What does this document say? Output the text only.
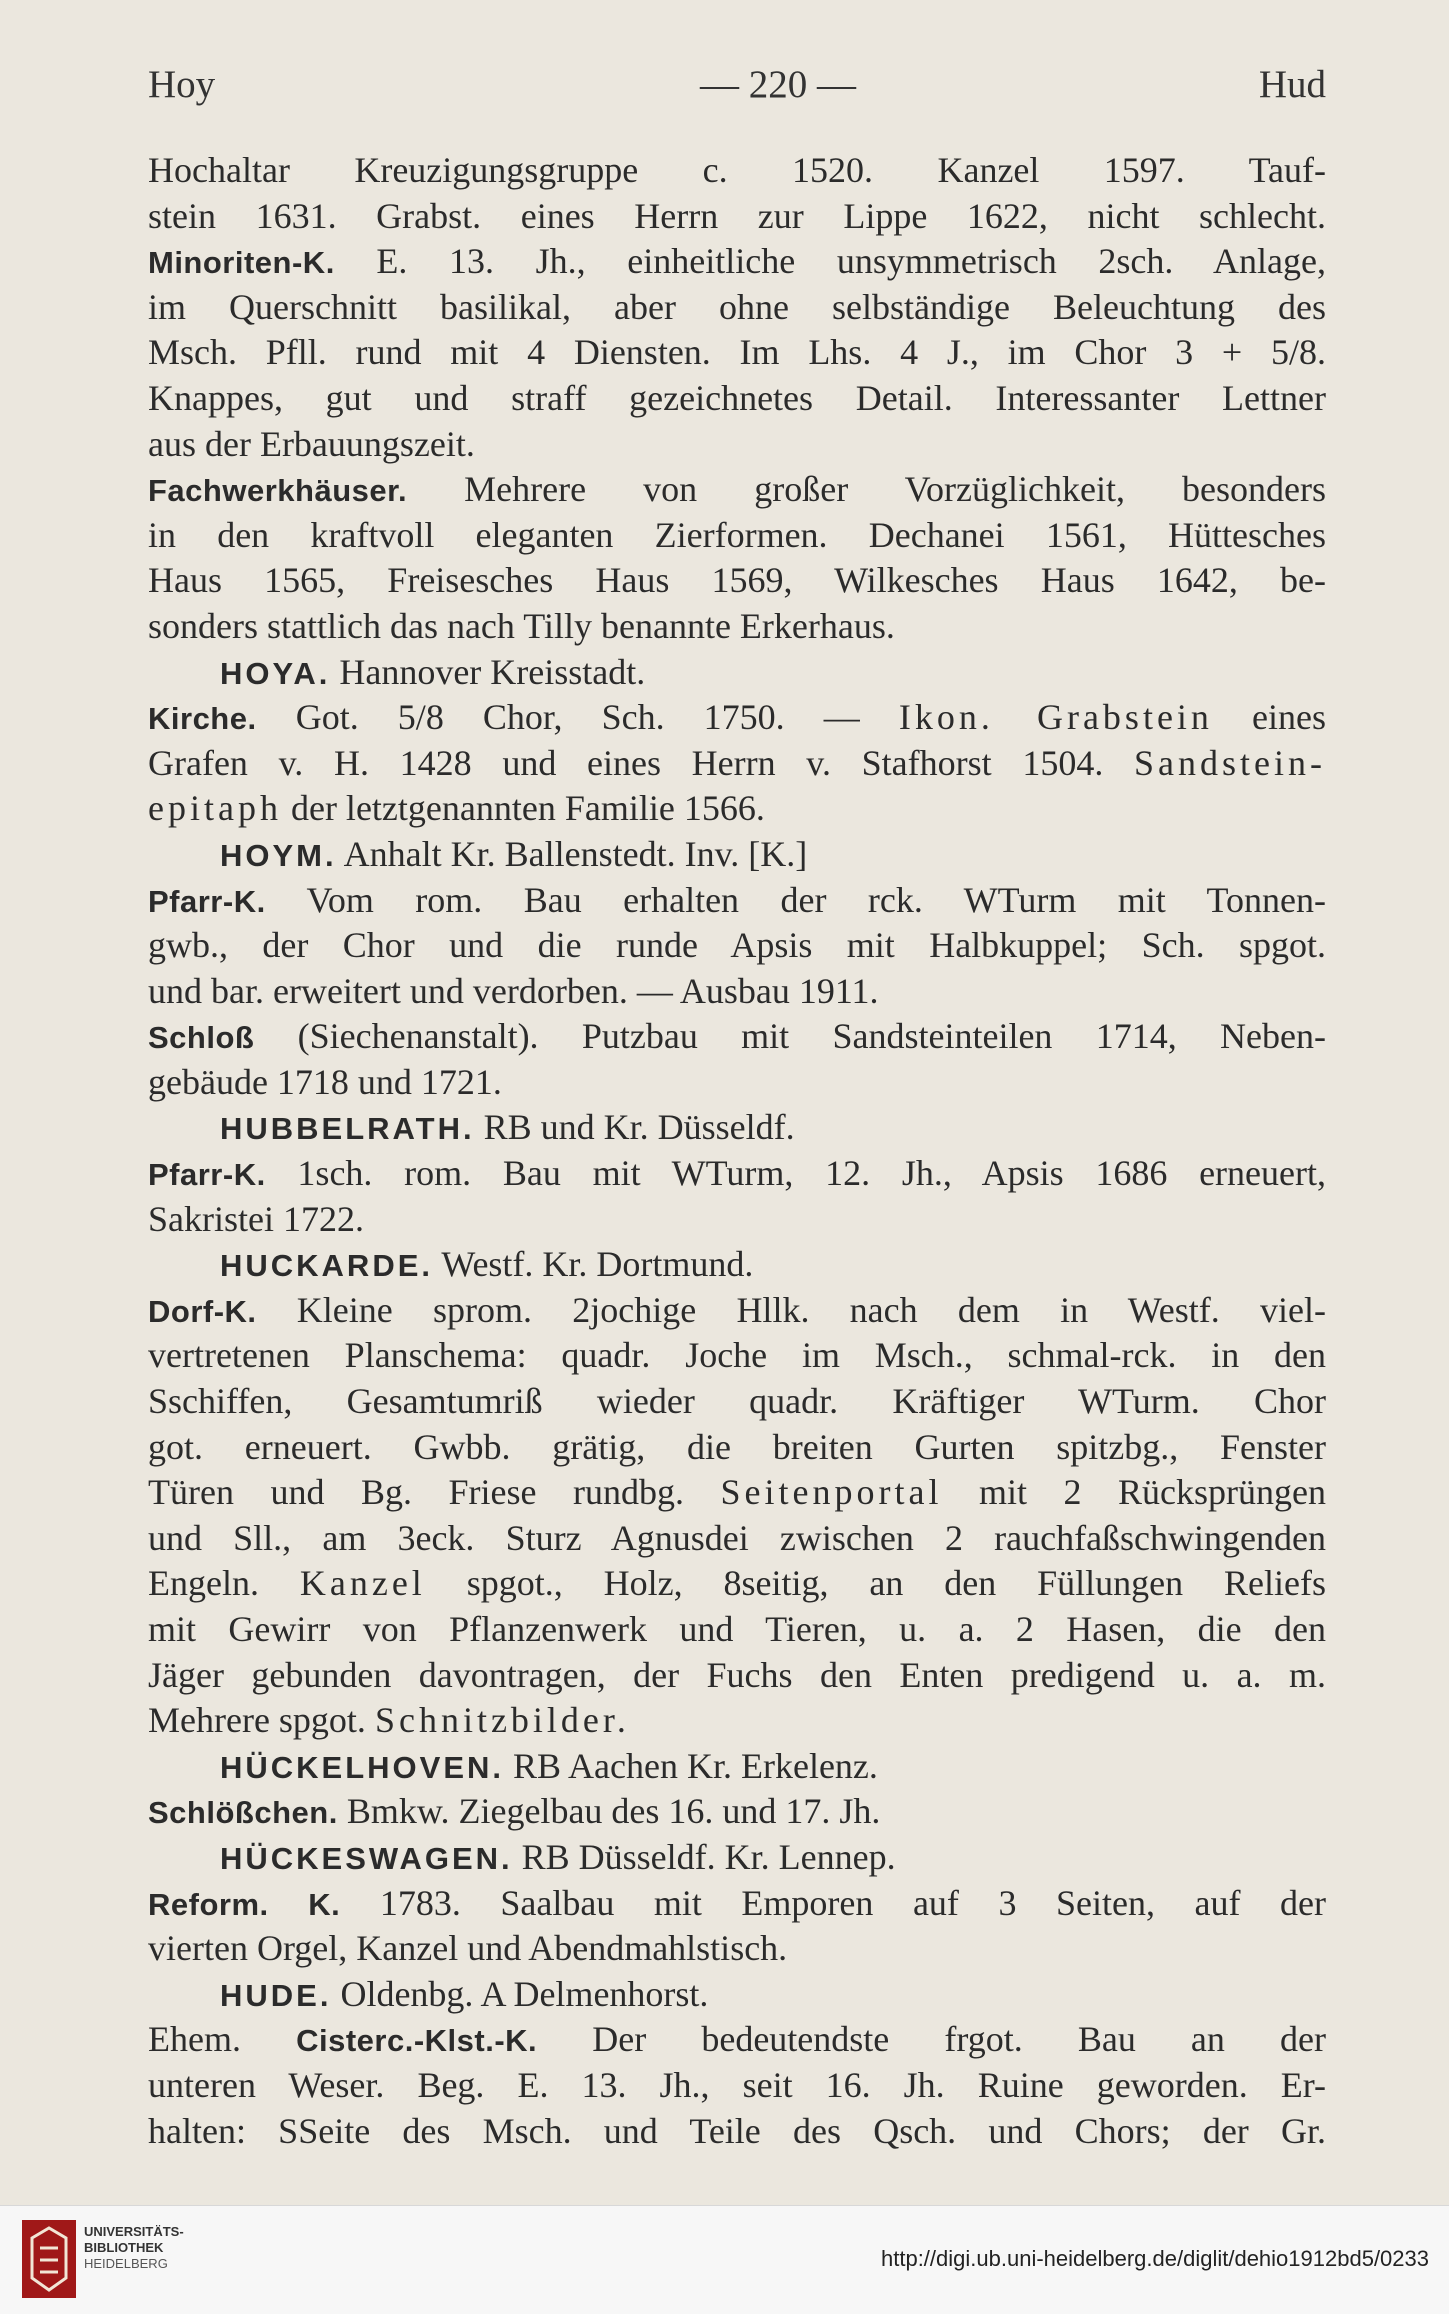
Hoy	— 220 —	Hud
Hochaltar Kreuzigungsgruppe c. 1520. Kanzel 1597. Tauf-
stein 1631. Grabst. eines Herrn zur Lippe 1622, nicht schlecht.
Minoriten-K. E. 13. Jh., einheitliche unsymmetrisch 2sch. Anlage,
im Querschnitt basilikal, aber ohne selbständige Beleuchtung des
Msch. Pfll. rund mit 4 Diensten. Im Lhs. 4 J., im Chor 3 + 5/8.
Knappes, gut und straff gezeichnetes Detail. Interessanter Lettner
aus der Erbauungszeit.
Fachwerkhäuser. Mehrere von großer Vorzüglichkeit, besonders
in den kraftvoll eleganten Zierformen. Dechanei 1561, Hüttesches
Haus 1565, Freisesches Haus 1569, Wilkesches Haus 1642, be-
sonders stattlich das nach Tilly benannte Erkerhaus.
HOYA. Hannover Kreisstadt.
Kirche. Got. 5/8 Chor, Sch. 1750. — Ikon. Grabstein eines
Grafen v. H. 1428 und eines Herrn v. Stafhorst 1504. Sandstein-
epitaph der letztgenannten Familie 1566.
HOYM. Anhalt Kr. Ballenstedt. Inv. [K.]
Pfarr-K. Vom rom. Bau erhalten der rck. WTurm mit Tonnen-
gwb., der Chor und die runde Apsis mit Halbkuppel; Sch. spgot.
und bar. erweitert und verdorben. — Ausbau 1911.
Schloß (Siechenanstalt). Putzbau mit Sandsteinteilen 1714, Neben-
gebäude 1718 und 1721.
HUBBELRATH. RB und Kr. Düsseldf.
Pfarr-K. 1sch. rom. Bau mit WTurm, 12. Jh., Apsis 1686 erneuert,
Sakristei 1722.
HUCKARDE. Westf. Kr. Dortmund.
Dorf-K. Kleine sprom. 2jochige Hllk. nach dem in Westf. viel-
vertretenen Planschema: quadr. Joche im Msch., schmal-rck. in den
Sschiffen, Gesamtumriß wieder quadr. Kräftiger WTurm. Chor
got. erneuert. Gwbb. grätig, die breiten Gurten spitzbg., Fenster
Türen und Bg. Friese rundbg. Seitenportal mit 2 Rücksprüngen
und Sll., am 3eck. Sturz Agnusdei zwischen 2 rauchfaßschwingenden
Engeln. Kanzel spgot., Holz, 8seitig, an den Füllungen Reliefs
mit Gewirr von Pflanzenwerk und Tieren, u. a. 2 Hasen, die den
Jäger gebunden davontragen, der Fuchs den Enten predigend u. a. m.
Mehrere spgot. Schnitzbilder.
HÜCKELHOVEN. RB Aachen Kr. Erkelenz.
Schlößchen. Bmkw. Ziegelbau des 16. und 17. Jh.
HÜCKESWAGEN. RB Düsseldf. Kr. Lennep.
Reform. K. 1783. Saalbau mit Emporen auf 3 Seiten, auf der
vierten Orgel, Kanzel und Abendmahlstisch.
HUDE. Oldenbg. A Delmenhorst.
Ehem. Cisterc.-Klst.-K. Der bedeutendste frgot. Bau an der
unteren Weser. Beg. E. 13. Jh., seit 16. Jh. Ruine geworden. Er-
halten: SSeite des Msch. und Teile des Qsch. und Chors; der Gr.
UNIVERSITÄTS-
BIBLIOTHEK
HEIDELBERG	http://digi.ub.uni-heidelberg.de/diglit/dehio1912bd5/0233
